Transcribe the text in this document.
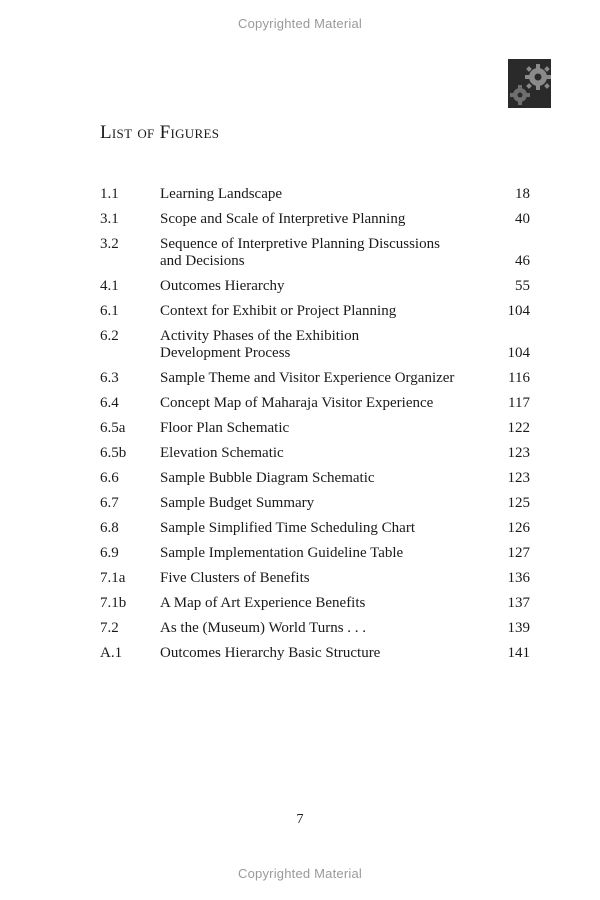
Copyrighted Material
List of Figures
1.1	Learning Landscape	18
3.1	Scope and Scale of Interpretive Planning	40
3.2	Sequence of Interpretive Planning Discussions
and Decisions	46
4.1	Outcomes Hierarchy	55
6.1	Context for Exhibit or Project Planning	104
6.2	Activity Phases of the Exhibition
Development Process	104
6.3	Sample Theme and Visitor Experience Organizer	116
6.4	Concept Map of Maharaja Visitor Experience	117
6.5a	Floor Plan Schematic	122
6.5b	Elevation Schematic	123
6.6	Sample Bubble Diagram Schematic	123
6.7	Sample Budget Summary	125
6.8	Sample Simplified Time Scheduling Chart	126
6.9	Sample Implementation Guideline Table	127
7.1a	Five Clusters of Benefits	136
7.1b	A Map of Art Experience Benefits	137
7.2	As the (Museum) World Turns . . .	139
A.1	Outcomes Hierarchy Basic Structure	141
7
Copyrighted Material
